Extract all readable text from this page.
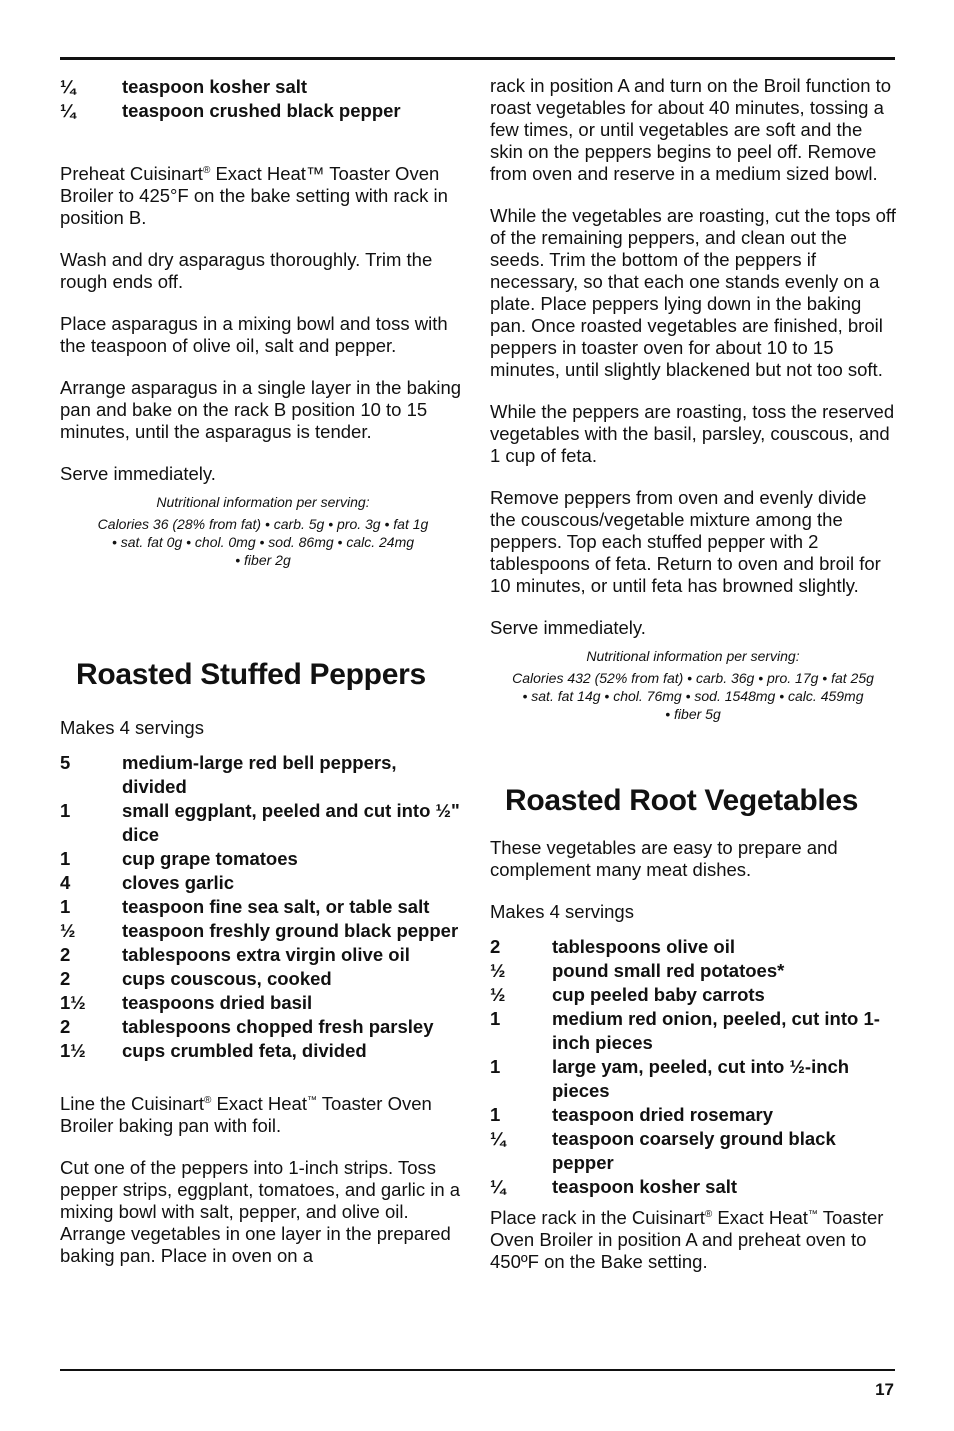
¼	teaspoon kosher salt
¼	teaspoon crushed black pepper

Preheat Cuisinart® Exact Heat™ Toaster Oven Broiler to 425°F on the bake setting with rack in position B.

Wash and dry asparagus thoroughly. Trim the rough ends off.

Place asparagus in a mixing bowl and toss with the teaspoon of olive oil, salt and pepper.

Arrange asparagus in a single layer in the baking pan and bake on the rack B position 10 to 15 minutes, until the asparagus is tender.

Serve immediately.

Nutritional information per serving:

Calories 36 (28% from fat) • carb. 5g • pro. 3g • fat 1g

• sat. fat 0g • chol. 0mg • sod. 86mg • calc. 24mg

• fiber 2g

Roasted Stuffed Peppers

Makes 4 servings

5	medium-large red bell peppers, divided
1	small eggplant, peeled and cut into ½" dice
1	cup grape tomatoes
4	cloves garlic
1	teaspoon fine sea salt, or table salt
½	teaspoon freshly ground black pepper
2	tablespoons extra virgin olive oil
2	cups couscous, cooked
1½	teaspoons dried basil
2	tablespoons chopped fresh parsley
1½	cups crumbled feta, divided

Line the Cuisinart® Exact Heat™ Toaster Oven Broiler baking pan with foil.

Cut one of the peppers into 1-inch strips. Toss pepper strips, eggplant, tomatoes, and garlic in a mixing bowl with salt, pepper, and olive oil. Arrange vegetables in one layer in the prepared baking pan. Place in oven on a

rack in position A and turn on the Broil function to roast vegetables for about 40 minutes, tossing a few times, or until vegetables are soft and the skin on the peppers begins to peel off. Remove from oven and reserve in a medium sized bowl.

While the vegetables are roasting, cut the tops off of the remaining peppers, and clean out the seeds. Trim the bottom of the peppers if necessary, so that each one stands evenly on a plate. Place peppers lying down in the baking pan. Once roasted vegetables are finished, broil peppers in toaster oven for about 10 to 15 minutes, until slightly blackened but not too soft.

While the peppers are roasting, toss the reserved vegetables with the basil, parsley, couscous, and 1 cup of feta.

Remove peppers from oven and evenly divide the couscous/vegetable mixture among the peppers. Top each stuffed pepper with 2 tablespoons of feta. Return to oven and broil for 10 minutes, or until feta has browned slightly.

Serve immediately.

Nutritional information per serving:

Calories 432 (52% from fat) • carb. 36g • pro. 17g • fat 25g

• sat. fat 14g • chol. 76mg • sod. 1548mg • calc. 459mg

• fiber 5g

Roasted Root Vegetables

These vegetables are easy to prepare and complement many meat dishes.

Makes 4 servings

2	tablespoons olive oil
½	pound small red potatoes*
½	cup peeled baby carrots
1	medium red onion, peeled, cut into 1-inch pieces
1	large yam, peeled, cut into ½-inch pieces
1	teaspoon dried rosemary
¼	teaspoon coarsely ground black pepper
¼	teaspoon kosher salt

Place rack in the Cuisinart® Exact Heat™ Toaster Oven Broiler in position A and preheat oven to 450ºF on the Bake setting.

17
